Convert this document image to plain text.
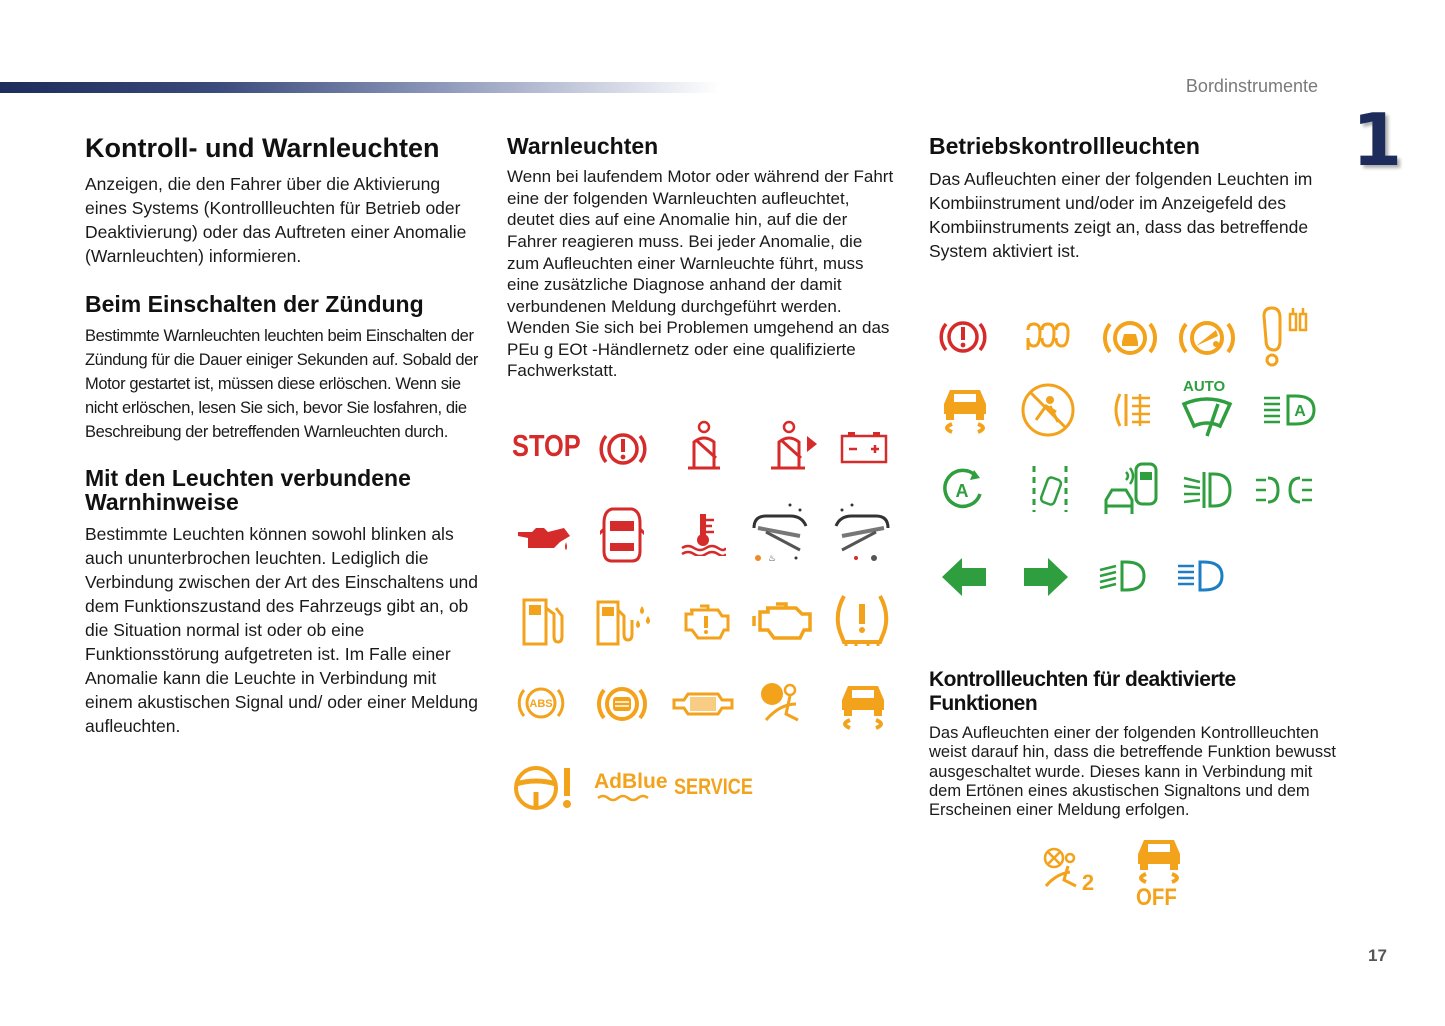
Bordinstrumente
1
17
Kontroll- und Warnleuchten

Anzeigen, die den Fahrer über die Aktivierung eines Systems (Kontrollleuchten für Betrieb oder Deaktivierung) oder das Auftreten einer Anomalie (Warnleuchten) informieren.

Beim Einschalten der Zündung

Bestimmte Warnleuchten leuchten beim Einschalten der Zündung für die Dauer einiger Sekunden auf. Sobald der Motor gestartet ist, müssen diese erlöschen. Wenn sie nicht erlöschen, lesen Sie sich, bevor Sie losfahren, die Beschreibung der betreffenden Warnleuchten durch.

Mit den Leuchten verbundene Warnhinweise

Bestimmte Leuchten können sowohl blinken als auch ununterbrochen leuchten. Lediglich die Verbindung zwischen der Art des Einschaltens und dem Funktionszustand des Fahrzeugs gibt an, ob die Situation normal ist oder ob eine Funktionsstörung aufgetreten ist. Im Falle einer Anomalie kann die Leuchte in Verbindung mit einem akustischen Signal und/ oder einer Meldung aufleuchten.

Warnleuchten

Wenn bei laufendem Motor oder während der Fahrt eine der folgenden Warnleuchten aufleuchtet, deutet dies auf eine Anomalie hin, auf die der Fahrer reagieren muss. Bei jeder Anomalie, die zum Aufleuchten einer Warnleuchte führt, muss eine zusätzliche Diagnose anhand der damit verbundenen Meldung durchgeführt werden. Wenden Sie sich bei Problemen umgehend an das PEu g EOt -Händlernetz oder eine qualifizierte Fachwerkstatt.

STOP
♨
ABS
AdBlue SERVICE
Betriebskontrollleuchten

Das Aufleuchten einer der folgenden Leuchten im Kombiinstrument und/oder im Anzeigefeld des Kombiinstruments zeigt an, dass das betreffende System aktiviert ist.

AUTO
A
A
Kontrollleuchten für deaktivierte Funktionen

Das Aufleuchten einer der folgenden Kontrollleuchten weist darauf hin, dass die betreffende Funktion bewusst ausgeschaltet wurde. Dieses kann in Verbindung mit dem Ertönen eines akustischen Signaltons und dem Erscheinen einer Meldung erfolgen.

2
OFF
